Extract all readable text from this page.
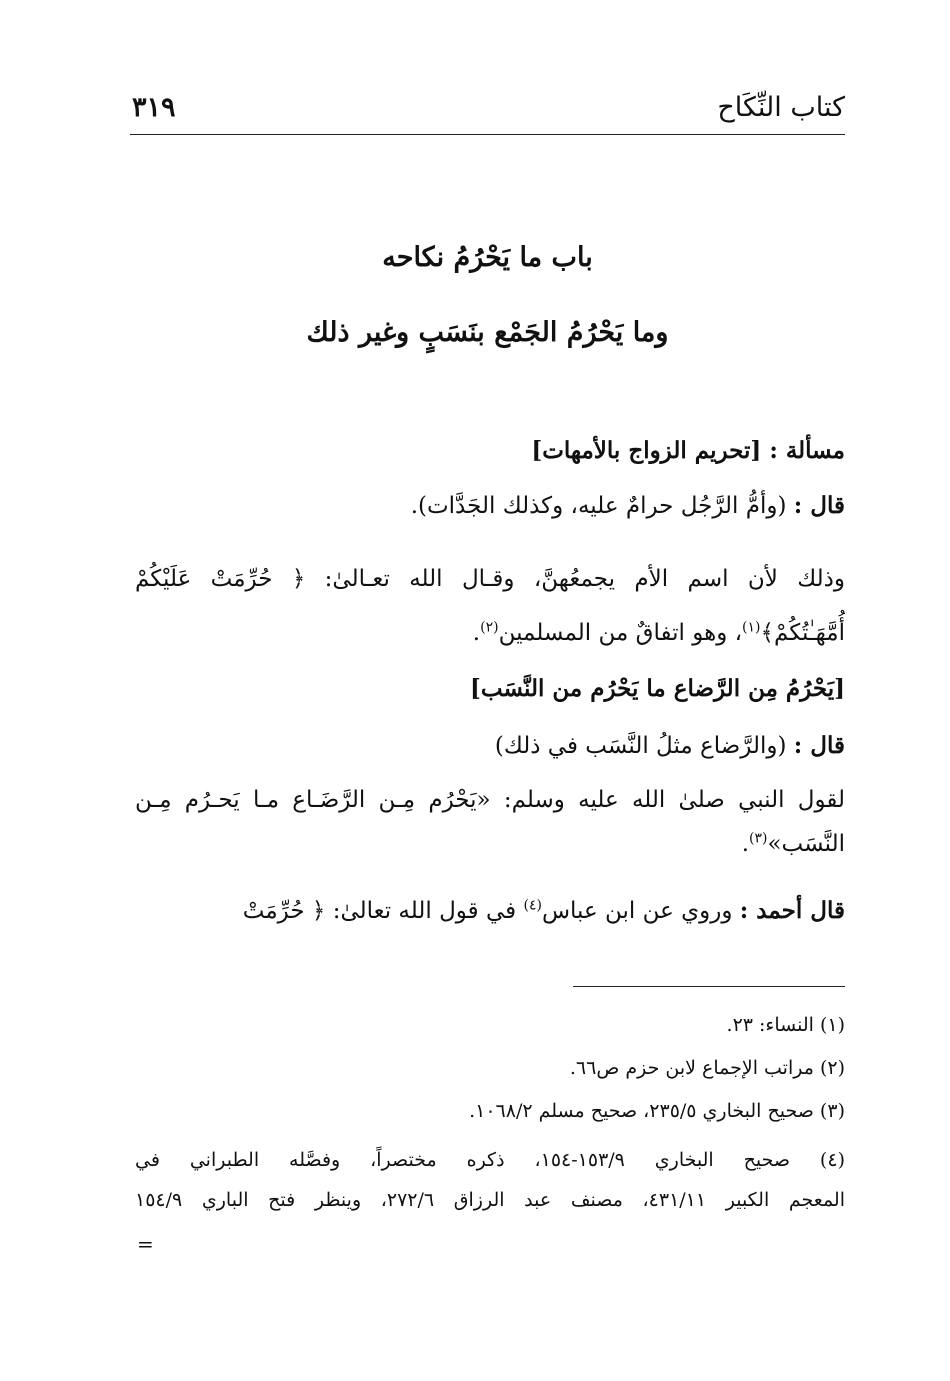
كتاب النِّكَاح
٣١٩
باب ما يَحْرُمُ نكاحه
وما يَحْرُمُ الجَمْع بنَسَبٍ وغير ذلك
مسألة : [تحريم الزواج بالأمهات]
قال : (وأمُّ الرَّجُل حرامٌ عليه، وكذلك الجَدَّات).
وذلك لأن اسم الأم يجمعُهنَّ، وقـال الله تعـالىٰ: ﴿ حُرِّمَتْ عَلَيْكُمْ
أُمَّهَـٰتُكُمْ﴾$^{(١)}$، وهو اتفاقٌ من المسلمين$^{(٢)}$.
[يَحْرُمُ مِن الرَّضاع ما يَحْرُم من النَّسَب]
قال : (والرَّضاع مثلُ النَّسَب في ذلك)
لقول النبي صلىٰ الله عليه وسلم: «يَحْرُم مِـن الرَّضَـاع مـا يَحـرُم مِـن
النَّسَب»$^{(٣)}$.
قال أحمد : وروي عن ابن عباس$^{(٤)}$ في قول الله تعالىٰ: ﴿ حُرِّمَتْ
(١) النساء: ٢٣.
(٢) مراتب الإجماع لابن حزم ص٦٦.
(٣) صحيح البخاري ٢٣٥/٥، صحيح مسلم ١٠٦٨/٢.
(٤) صحيح البخاري ١٥٣/٩-١٥٤، ذكره مختصراً، وفصَّله الطبراني في
المعجم الكبير ٤٣١/١١، مصنف عبد الرزاق ٢٧٢/٦، وينظر فتح الباري ١٥٤/٩
=
